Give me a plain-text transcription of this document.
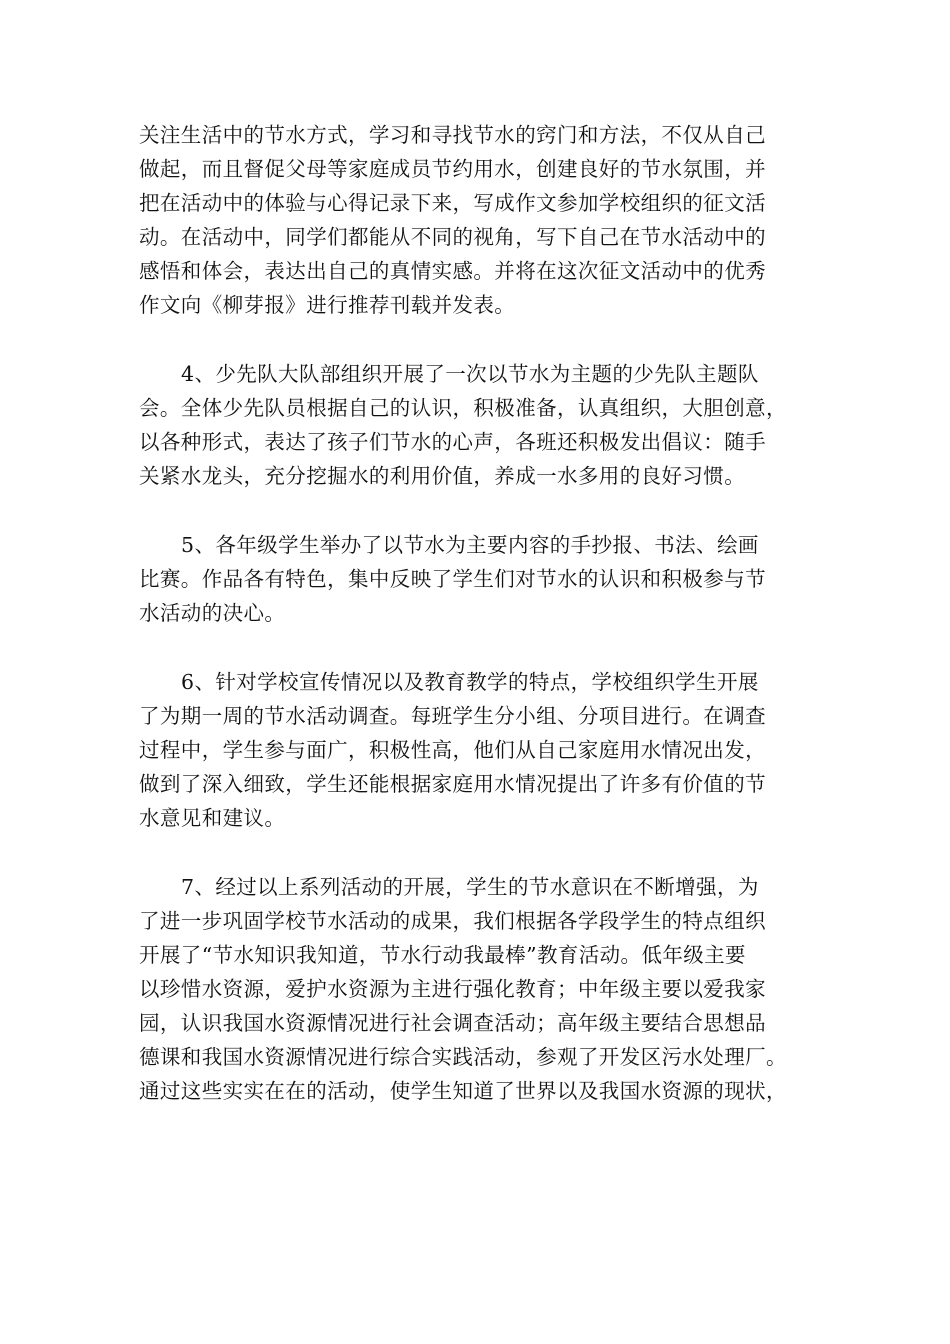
关注生活中的节水方式，学习和寻找节水的窍门和方法，不仅从自己
做起，而且督促父母等家庭成员节约用水，创建良好的节水氛围，并
把在活动中的体验与心得记录下来，写成作文参加学校组织的征文活
动。在活动中，同学们都能从不同的视角，写下自己在节水活动中的
感悟和体会，表达出自己的真情实感。并将在这次征文活动中的优秀
作文向《柳芽报》进行推荐刊载并发表。

4、少先队大队部组织开展了一次以节水为主题的少先队主题队
会。全体少先队员根据自己的认识，积极准备，认真组织，大胆创意，
以各种形式，表达了孩子们节水的心声，各班还积极发出倡议：随手
关紧水龙头，充分挖掘水的利用价值，养成一水多用的良好习惯。

5、各年级学生举办了以节水为主要内容的手抄报、书法、绘画
比赛。作品各有特色，集中反映了学生们对节水的认识和积极参与节
水活动的决心。

6、针对学校宣传情况以及教育教学的特点，学校组织学生开展
了为期一周的节水活动调查。每班学生分小组、分项目进行。在调查
过程中，学生参与面广，积极性高，他们从自己家庭用水情况出发，
做到了深入细致，学生还能根据家庭用水情况提出了许多有价值的节
水意见和建议。

7、经过以上系列活动的开展，学生的节水意识在不断增强，为
了进一步巩固学校节水活动的成果，我们根据各学段学生的特点组织
开展了“节水知识我知道，节水行动我最棒”教育活动。低年级主要
以珍惜水资源，爱护水资源为主进行强化教育；中年级主要以爱我家
园，认识我国水资源情况进行社会调查活动；高年级主要结合思想品
德课和我国水资源情况进行综合实践活动，参观了开发区污水处理厂。
通过这些实实在在的活动，使学生知道了世界以及我国水资源的现状，
